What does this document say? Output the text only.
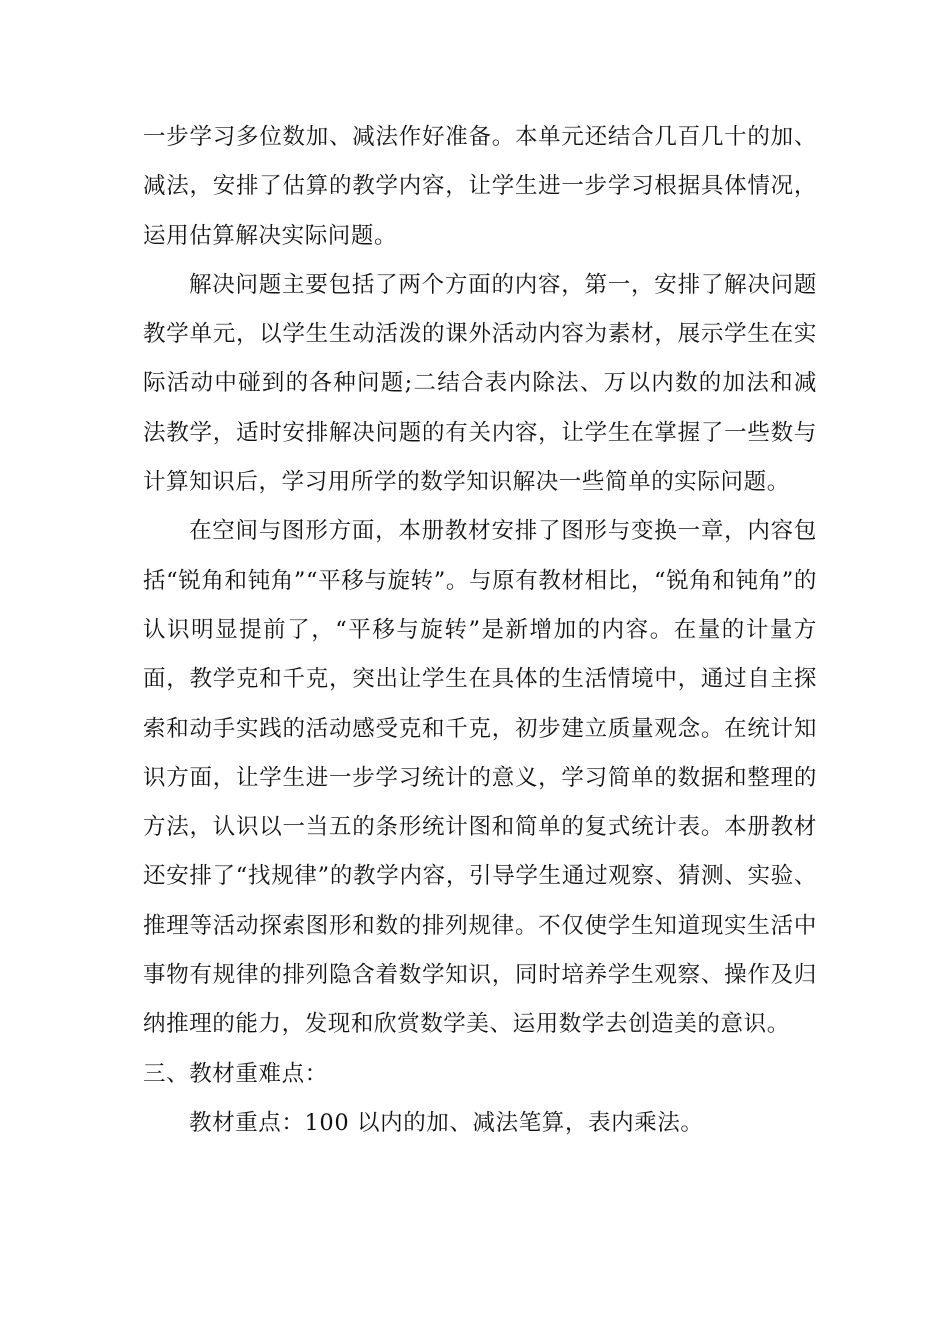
一步学习多位数加、减法作好准备。本单元还结合几百几十的加、减法，安排了估算的教学内容，让学生进一步学习根据具体情况，运用估算解决实际问题。

解决问题主要包括了两个方面的内容，第一，安排了解决问题教学单元，以学生生动活泼的课外活动内容为素材，展示学生在实际活动中碰到的各种问题;二结合表内除法、万以内数的加法和减法教学，适时安排解决问题的有关内容，让学生在掌握了一些数与计算知识后，学习用所学的数学知识解决一些简单的实际问题。

在空间与图形方面，本册教材安排了图形与变换一章，内容包括“锐角和钝角”“平移与旋转”。与原有教材相比，“锐角和钝角”的认识明显提前了，“平移与旋转”是新增加的内容。在量的计量方面，教学克和千克，突出让学生在具体的生活情境中，通过自主探索和动手实践的活动感受克和千克，初步建立质量观念。在统计知识方面，让学生进一步学习统计的意义，学习简单的数据和整理的方法，认识以一当五的条形统计图和简单的复式统计表。本册教材还安排了“找规律”的教学内容，引导学生通过观察、猜测、实验、推理等活动探索图形和数的排列规律。不仅使学生知道现实生活中事物有规律的排列隐含着数学知识，同时培养学生观察、操作及归纳推理的能力，发现和欣赏数学美、运用数学去创造美的意识。

三、教材重难点：

教材重点：100 以内的加、减法笔算，表内乘法。
